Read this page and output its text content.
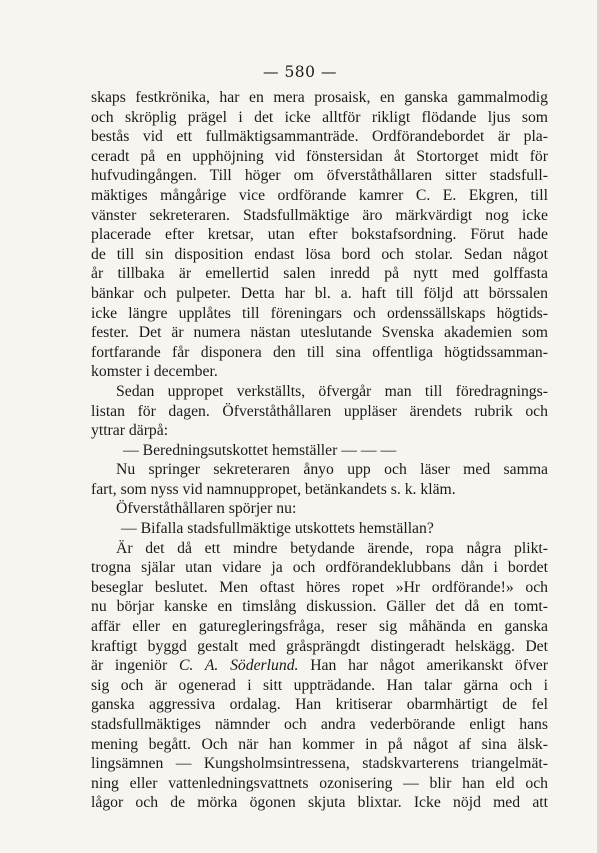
— 580 —
skaps festkrönika, har en mera prosaisk, en ganska gammalmodig
och skröplig prägel i det icke alltför rikligt flödande ljus som
bestås vid ett fullmäktigsammanträde. Ordförandebordet är pla-
ceradt på en upphöjning vid fönstersidan åt Stortorget midt för
hufvudingången. Till höger om öfverståthållaren sitter stadsfull-
mäktiges mångårige vice ordförande kamrer C. E. Ekgren, till
vänster sekreteraren. Stadsfullmäktige äro märkvärdigt nog icke
placerade efter kretsar, utan efter bokstafsordning. Förut hade
de till sin disposition endast lösa bord och stolar. Sedan något
år tillbaka är emellertid salen inredd på nytt med golffasta
bänkar och pulpeter. Detta har bl. a. haft till följd att börssalen
icke längre upplåtes till föreningars och ordenssällskaps högtids-
fester. Det är numera nästan uteslutande Svenska akademien som
fortfarande får disponera den till sina offentliga högtidssamman-
komster i december.
Sedan uppropet verkställts, öfvergår man till föredragnings-
listan för dagen. Öfverståthållaren uppläser ärendets rubrik och
yttrar därpå:
— Beredningsutskottet hemställer — — —
Nu springer sekreteraren ånyo upp och läser med samma
fart, som nyss vid namnuppropet, betänkandets s. k. kläm.
Öfverståthållaren spörjer nu:
— Bifalla stadsfullmäktige utskottets hemställan?
Är det då ett mindre betydande ärende, ropa några plikt-
trogna själar utan vidare ja och ordförandeklubbans dån i bordet
beseglar beslutet. Men oftast höres ropet »Hr ordförande!» och
nu börjar kanske en timslång diskussion. Gäller det då en tomt-
affär eller en gaturegleringsfråga, reser sig måhända en ganska
kraftigt byggd gestalt med gråsprängdt distingeradt helskägg. Det
är ingeniör C. A. Söderlund. Han har något amerikanskt öfver
sig och är ogenerad i sitt uppträdande. Han talar gärna och i
ganska aggressiva ordalag. Han kritiserar obarmhärtigt de fel
stadsfullmäktiges nämnder och andra vederbörande enligt hans
mening begått. Och när han kommer in på något af sina älsk-
lingsämnen — Kungsholmsintressena, stadskvarterens triangelmät-
ning eller vattenledningsvattnets ozonisering — blir han eld och
lågor och de mörka ögonen skjuta blixtar. Icke nöjd med att
